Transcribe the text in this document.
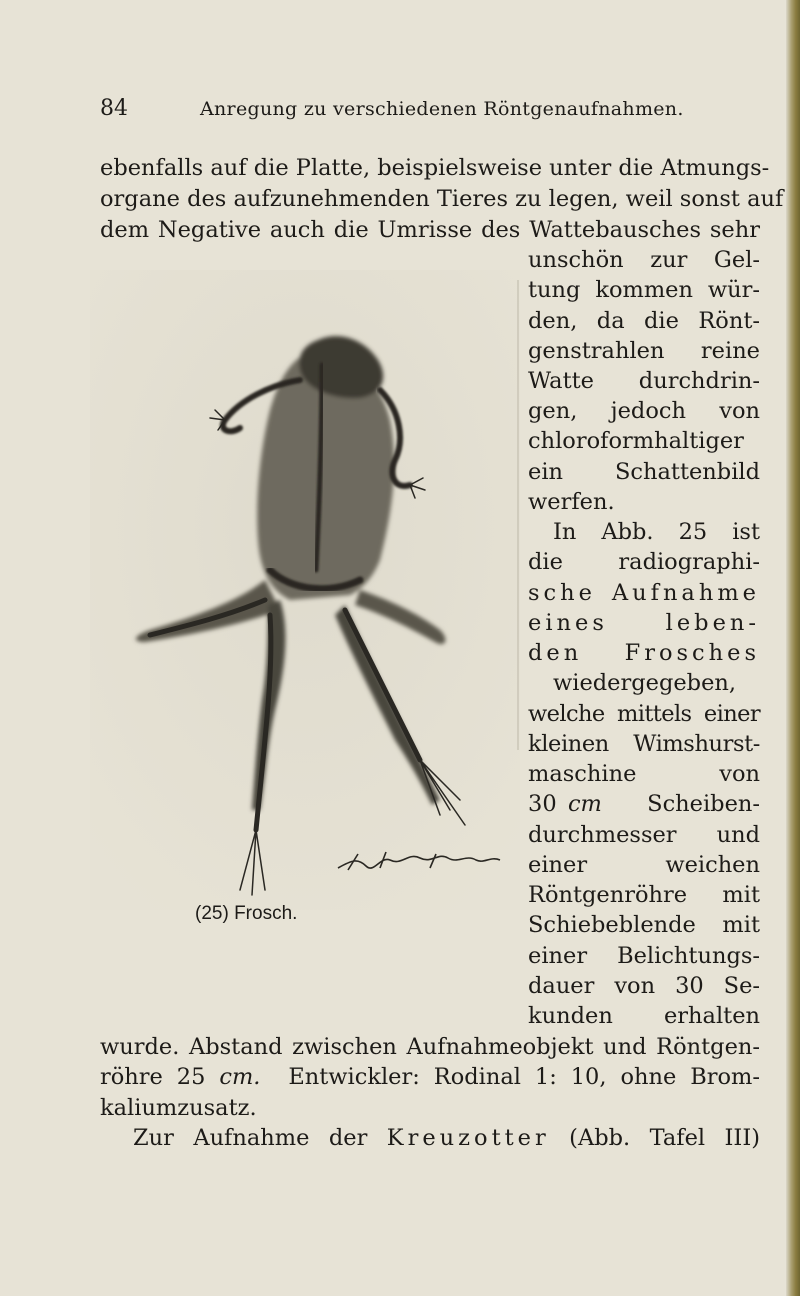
84	Anregung zu verschiedenen Röntgenaufnahmen.

ebenfalls auf die Platte, beispielsweise unter die Atmungs-

organe des aufzunehmenden Tieres zu legen, weil sonst auf

dem Negative auch die Umrisse des Wattebausches sehr

unschön zur Gel-

tung kommen wür-

den, da die Rönt-

genstrahlen reine

Watte durchdrin-

gen, jedoch von

chloroformhaltiger

ein Schattenbild

werfen.

In Abb. 25 ist

die radiographi-

sche Aufnahme

eines leben-

den Frosches

wiedergegeben,

welche mittels einer

kleinen Wimshurst-

maschine von

30 cm    Scheiben-

durchmesser und

einer weichen

Röntgenröhre mit

Schiebeblende mit

einer Belichtungs-

dauer von 30 Se-

kunden erhalten

wurde. Abstand zwischen Aufnahmeobjekt und Röntgen-

röhre 25 cm.  Entwickler: Rodinal 1: 10, ohne Brom-

kaliumzusatz.

Zur Aufnahme der Kreuzotter (Abb. Tafel III)

(25) Frosch.
